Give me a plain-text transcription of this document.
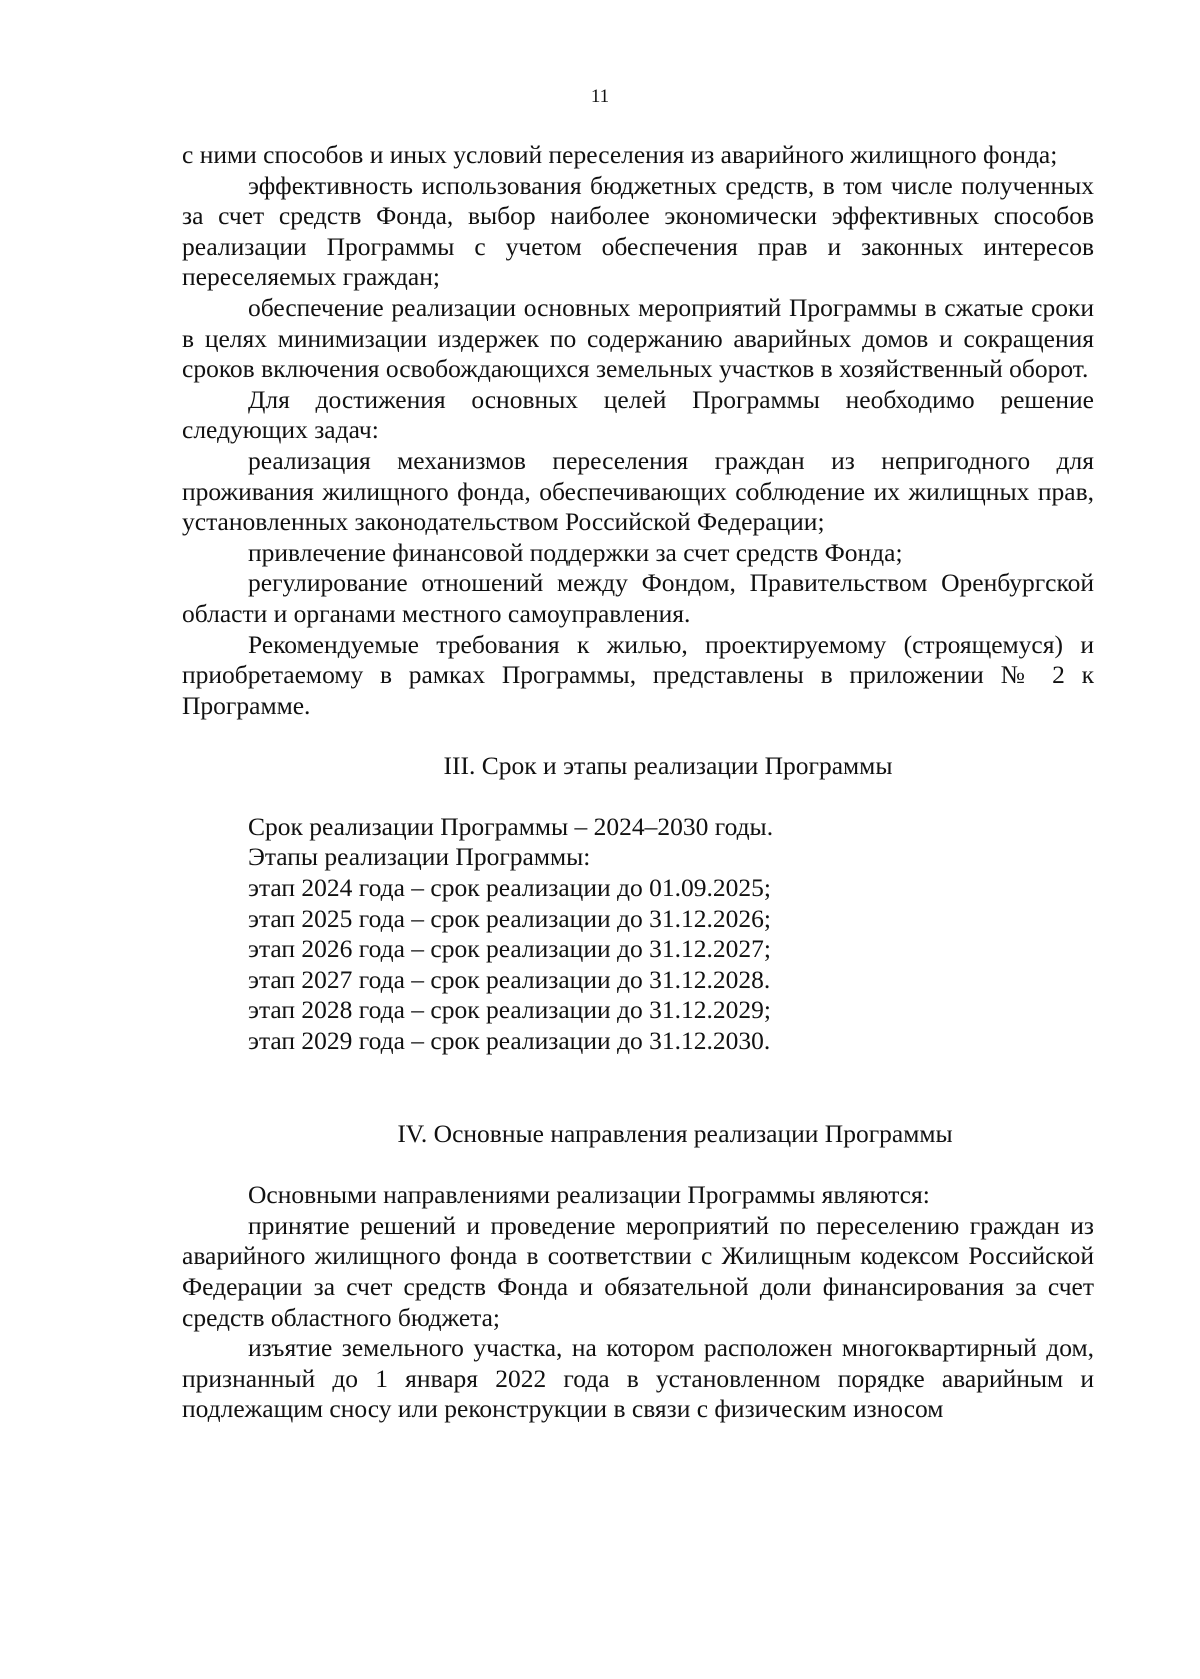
11

с ними способов и иных условий переселения из аварийного жилищного фонда;

эффективность использования бюджетных средств, в том числе полученных за счет средств Фонда, выбор наиболее экономически эффективных способов реализации Программы с учетом обеспечения прав и законных интересов переселяемых граждан;

обеспечение реализации основных мероприятий Программы в сжатые сроки в целях минимизации издержек по содержанию аварийных домов и сокращения сроков включения освобождающихся земельных участков в хозяйственный оборот.

Для достижения основных целей Программы необходимо решение следующих задач:

реализация механизмов переселения граждан из непригодного для проживания жилищного фонда, обеспечивающих соблюдение их жилищных прав, установленных законодательством Российской Федерации;

привлечение финансовой поддержки за счет средств Фонда;

регулирование отношений между Фондом, Правительством Оренбургской области и органами местного самоуправления.

Рекомендуемые требования к жилью, проектируемому (строящемуся) и приобретаемому в рамках Программы, представлены в приложении № 2 к Программе.

III. Срок и этапы реализации Программы

Срок реализации Программы – 2024–2030 годы.

Этапы реализации Программы:

этап 2024 года – срок реализации до 01.09.2025;
этап 2025 года – срок реализации до 31.12.2026;
этап 2026 года – срок реализации до 31.12.2027;
этап 2027 года – срок реализации до 31.12.2028.
этап 2028 года – срок реализации до 31.12.2029;
этап 2029 года – срок реализации до 31.12.2030.
IV. Основные направления реализации Программы

Основными направлениями реализации Программы являются:

принятие решений и проведение мероприятий по переселению граждан из аварийного жилищного фонда в соответствии с Жилищным кодексом Российской Федерации за счет средств Фонда и обязательной доли финансирования за счет средств областного бюджета;

изъятие земельного участка, на котором расположен многоквартирный дом, признанный до 1 января 2022 года в установленном порядке аварийным и подлежащим сносу или реконструкции в связи с физическим износом
